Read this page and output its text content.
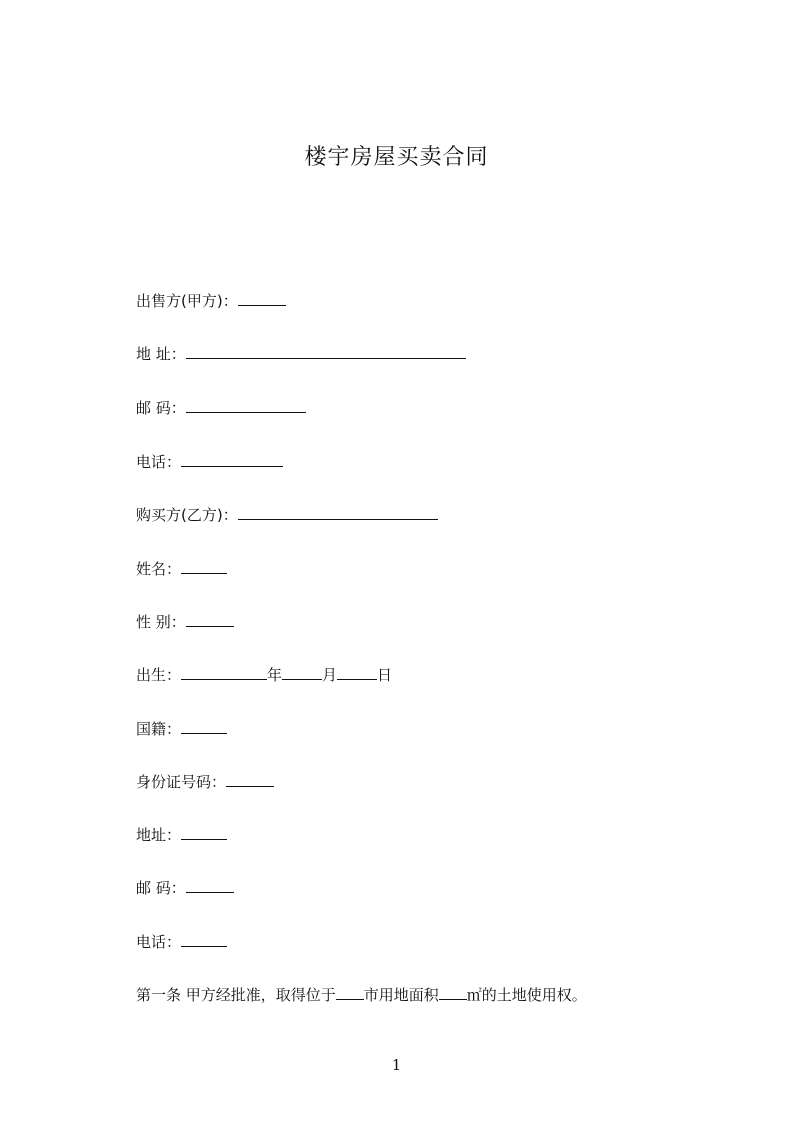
楼宇房屋买卖合同
出售方(甲方)：
地 址：
邮 码：
电话：
购买方(乙方)：
姓名：
性 别：
出生：	年	月	日
国籍：
身份证号码：
地址：
邮 码：
电话：
第一条 甲方经批准，取得位于 市用地面积 ㎡的土地使用权。
1
